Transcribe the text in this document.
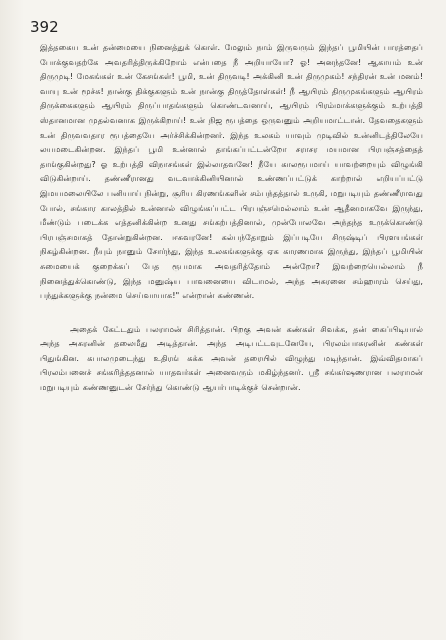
392

இத்தகைய உன் தன்மையை நினைத்துக் கொள். மேலும் நாம் இருவரும் இந்தப் பூமியின் பாரத்தைப் போக்குவதற்கே அவதரித்திருக்கிறோம் என்பதை நீ அறியாயோ? ஓ! அனந்தனே! ஆகாயம் உன் திருமுடி! மேகங்கள் உன் கேசங்கள்! பூமி, உன் திருவடி! அக்கினி உன் திருமுகம்! சந்திரன் உன் மனம்! வாயு உன் மூச்சு! நான்கு திக்குகளும் உன் நான்கு திருத்தோள்கள்! நீ ஆயிரம் திருமுகங்களும் ஆயிரம் திருக்கைகளும் ஆயிரம் திருப்பாதங்களும் கொண்டவனாய், ஆயிரம் பிரம்மாக்களுக்கும் உற்பத்தி ஸ்தானமான முதல்வனாக இருக்கிறாய்! உன் நிஜ ரூபத்தை ஒருவனும் அறியமாட்டான். தேவதைகளும் உன் திருவவதார ரூபத்தையே அர்ச்சிக்கின்றனர். இந்த உலகம் யாவும் முடிவில் உன்னிடத்திலேயே லயமடைகின்றன. இந்தப் பூமி உன்னால் தாங்கப்பட்டன்றோ சராசர மயமான பிரபஞ்சத்தைத் தாங்குகின்றது? ஓ உற்பத்தி விநாசங்கள் இல்லாதவனே! நீயே காலரூபமாய் யாவற்றையும் விழுங்கி விடுகின்றாய். தண்ணீரானது வடவாக்கினியினால் உண்ணப்பட்டுக் காற்றால் எறியப்பட்டு இமயமலையிலே பனியாய் நின்று, சூரிய கிரணங்களின் சம்பந்தத்தால் உருகி, மறுபடியும் தண்ணீராவது போல், சங்கார காலத்தில் உன்னால் விழுங்கப்பட்ட பிரபஞ்சமெல்லாம் உன் ஆதீனமாகவே இருந்து, மீண்டும் படைக்க எத்தனிக்கின்ற உனது சங்கற்பத்தினால், முன்போலவே அந்தந்த உருக்கொண்டு பிரபஞ்சமாகத் தோன்றுகின்றன. ஈசுவரனே! கல்பந்தோறும் இப்படியே சிருஷ்டிப் பிரளயங்கள் நிகழ்கின்றன. நீயும் நானும் சோர்ந்து, இந்த உலகங்களுக்கு ஏக காரணமாக இருந்து, இந்தப் பூமியின் சுமையைக் குறைக்கப் பேத ரூபமாக அவதரித்தோம் அன்றோ? இவற்றையெல்லாம் நீ நினைத்துக்கொண்டு, இந்த மனுஷ்ய பாவனையை விடாமல், அந்த அசுரனை சம்ஹாரம் செய்து, பந்துக்களுக்கு நன்மை செய்வாயாக!" என்றான் கண்ணன்.

அதைக் கேட்டதும் பலராமன் சிரித்தான். பிறகு அவன் கண்கள் சிவக்க, தன் கைப்பிடியால் அந்த அசுரனின் தலைமீது அடித்தான். அந்த அடிபட்டவுடனேயே, பிரலம்பாசுரனின் கண்கள் பிதுங்கின. கபாலமுடைந்து உதிரங் கக்க அவன் தரையில் விழுந்து மடிந்தான். இவ்விதமாகப் பிரலம்பனைச் சங்கரித்ததனால் யாதவர்கள் அனைவரும் மகிழ்ந்தனர். ஸ்ரீ சங்கர்ஷணரான பலராமன் மறுபடியும் கண்ணனுடன் சேர்ந்து கொண்டு ஆயர்பாடிக்குச் சென்றான்.
